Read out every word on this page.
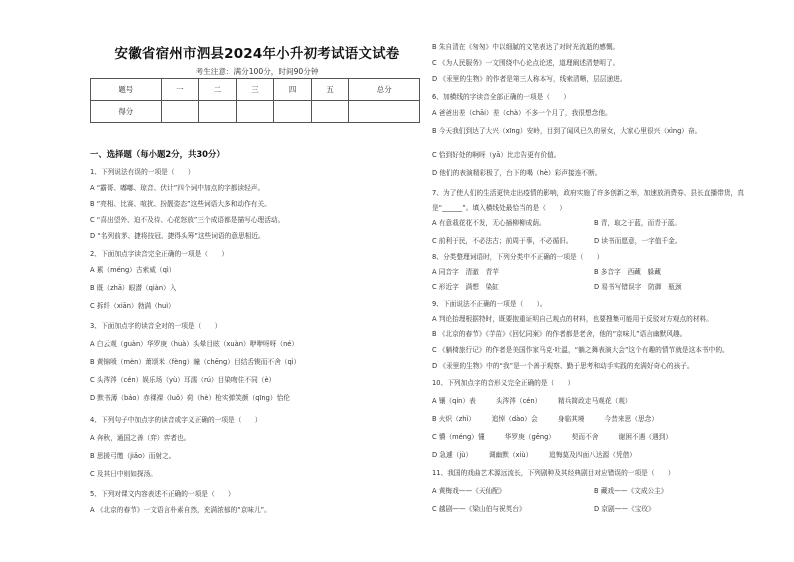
安徽省宿州市泗县2024年小升初考试语文试卷
考生注意：满分100分，时间90分钟
题号	一	二	三	四	五	总分
得分						
一、选择题（每小题2分，共30分）
1、下列说法有误的一项是（　　）
A “霸哥、嘟嘟、琼音、伏计”四个词中加点的字都读轻声。
B “亮相、比赛、喧扰、扮靓姿态”这些词语大多和动作有关。
C “喜出望外、迫不及待、心花怒放”三个成语都是描写心理活动。
D “名列前茅、捷将技冠、捷得头筹”这些词语的意思相近。
2、下面加点字读音完全正确的一项是（　　）
A 累（méng）古索威（qì）
B 既（zhā）眼潜（qiàn）入
C 拆纤（xiān）勃满（huì）
3、下面加点字的读音全对的一项是（　　）
A 白云观（guàn）华罗庚（huà）头晕目眩（xuàn）咿咿呀呀（né）
B 黄锦喷（mèn）萧颂米（fèng）瞳（chēng）目结舌锲而不舍（qì）
C 头涔涔（cén）娱乐场（yù）耳濡（rú）目染吻住不同（è）
D 默书薄（báo）赤裸裸（luǒ）荷（hè）枪实弹笑颜（qīng）怡伦
4、下列句子中加点字的读音或字义正确的一项是（　　）
A 奔秋，通国之善（弈）弈者也。
B 思援弓缴（jiǎo）而射之。
C 及其日中则如探汤。
5、下列对课文内容表述不正确的一项是（　　）
A 《北京的春节》一文语言朴素自然，充满浓郁的“京味儿”。
B 朱自清在《匆匆》中以细腻的文笔表达了对时光流逝的感慨。
C 《为人民服务》一文围绕中心论点论述，道理阐述清楚明了。
D 《汞里的生物》的作者是第三人称本写，线索清晰，层层递进。
6、加横线的字读音全部正确的一项是（　　）
A 爸爸出差（chāi）差（chà）不多一个月了，我很想念他。
B 今天我们到达了大兴（xīng）安岭，目到了闻风已久的景女，大家心里很兴（xìng）奋。
C 恰到好处的啊呀（yā）比忠告更有价值。
D 他们的表演精彩极了，台下的喝（hè）彩声接连不断。
7、为了使人们的生活更快走出疫情的影响，政府实施了许多创新之举，加速放消费券、县长直播带货，真
是“______”。填入横线处最恰当的是（　　）
A 有意栽花花不发，无心插柳柳成荫。	B 青，取之于蓝，而青于蓝。
C 前利于民，不必法古；前周于事，不必循旧。	D 读书而愿意，一字值千金。
8、分类整理词语时，下列分类中不正确的一项是（　　）
A 同音字　清澈　青苹	B 多音字　西藏　躲藏
C 形近字　满想　染缸	D 易书写错误字　防御　瓶颈
9、下面说法不正确的一项是（　　）。
A 判论抬理根据特时，既要抱重证明自己观点的材料，也要搜集可能用于反驳对方观点的材料。
B 《北京的春节》《芋苗》《回忆同案》的作者都是老舍，他的“京味儿”语言幽默风趣。
C 《躺椅旅行记》的作者是美国作家马克·吐温，“躺之舞表演大会”这个有趣的情节就是这本书中的。
D 《汞里的生物》中的“我”是一个善于观察、勤于思考和动手实践的充满好奇心的孩子。
10、下列加点字的音形义完全正确的是（　　）
A 镶（qín）表　　　头涔涔（cén）　　　精兵简政走马观花（观）
B 火炽（zhì）　　　追悼（dào）会　　　身临其境　　　今昔来思（思念）
C 懵（méng）懂　　　华罗庚（gēng）　　　契而不舍　　　谢困不遇（遇到）
D 急遽（jù）　　　调幽默（xiù）　　　追悔莫及四面八达源（凭借）
11、我国的戏曲艺术源远流长，下列剧种及其经典剧目对应错误的一项是（　　）
A 黄梅戏——《天仙配》	B 藏戏——《文成公主》
C 越剧——《梁山伯与祝英台》	D 京剧——《宝玫》
